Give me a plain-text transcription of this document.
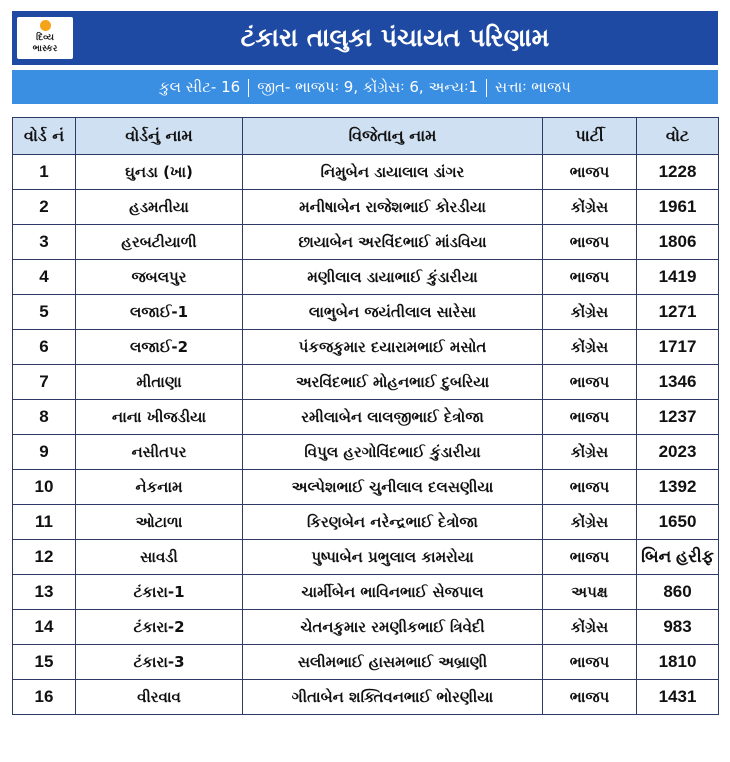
દિવ્ય
ભાસ્કર	ટંકારા તાલુકા પંચાયત પરિણામ
કુલ સીટ- 16 જીત- ભાજપઃ 9, કોંગ્રેસઃ 6, અન્યઃ1 સત્તાઃ ભાજપ
વોર્ડ નં	વોર્ડનું નામ	વિજેતાનુ નામ	પાર્ટી	વોટ
1	ઘુનડા (ખા)	નિમુબેન ડાયાલાલ ડાંગર	ભાજપ	1228
2	હડમતીયા	મનીષાબેન રાજેશભાઈ કોરડીયા	કોંગ્રેસ	1961
3	હરબટીયાળી	છાયાબેન અરવિંદભાઈ માંડવિયા	ભાજપ	1806
4	જબલપુર	મણીલાલ ડાયાભાઈ કુંડારીયા	ભાજપ	1419
5	લજાઈ-1	લાભુબેન જયંતીલાલ સારેસા	કોંગ્રેસ	1271
6	લજાઈ-2	પંકજકુમાર દયારામભાઈ મસોત	કોંગ્રેસ	1717
7	મીતાણા	અરવિંદભાઈ મોહનભાઈ દુબરિયા	ભાજપ	1346
8	નાના ખીજડીયા	રમીલાબેન લાલજીભાઈ દેત્રોજા	ભાજપ	1237
9	નસીતપર	વિપુલ હરગોવિંદભાઈ કુંડારીયા	કોંગ્રેસ	2023
10	નેકનામ	અલ્પેશભાઈ ચુનીલાલ દલસણીયા	ભાજપ	1392
11	ઓટાળા	કિરણબેન નરેન્દ્રભાઈ દેત્રોજા	કોંગ્રેસ	1650
12	સાવડી	પુષ્પાબેન પ્રભુલાલ કામરોયા	ભાજપ	બિન હરીફ
13	ટંકારા-1	ચાર્મીબેન ભાવિનભાઈ સેજપાલ	અપક્ષ	860
14	ટંકારા-2	ચેતનકુમાર રમણીકભાઈ ત્રિવેદી	કોંગ્રેસ	983
15	ટંકારા-3	સલીમભાઈ હાસમભાઈ અબ્રાણી	ભાજપ	1810
16	વીરવાવ	ગીતાબેન શક્તિવનભાઈ ભોરણીયા	ભાજપ	1431
